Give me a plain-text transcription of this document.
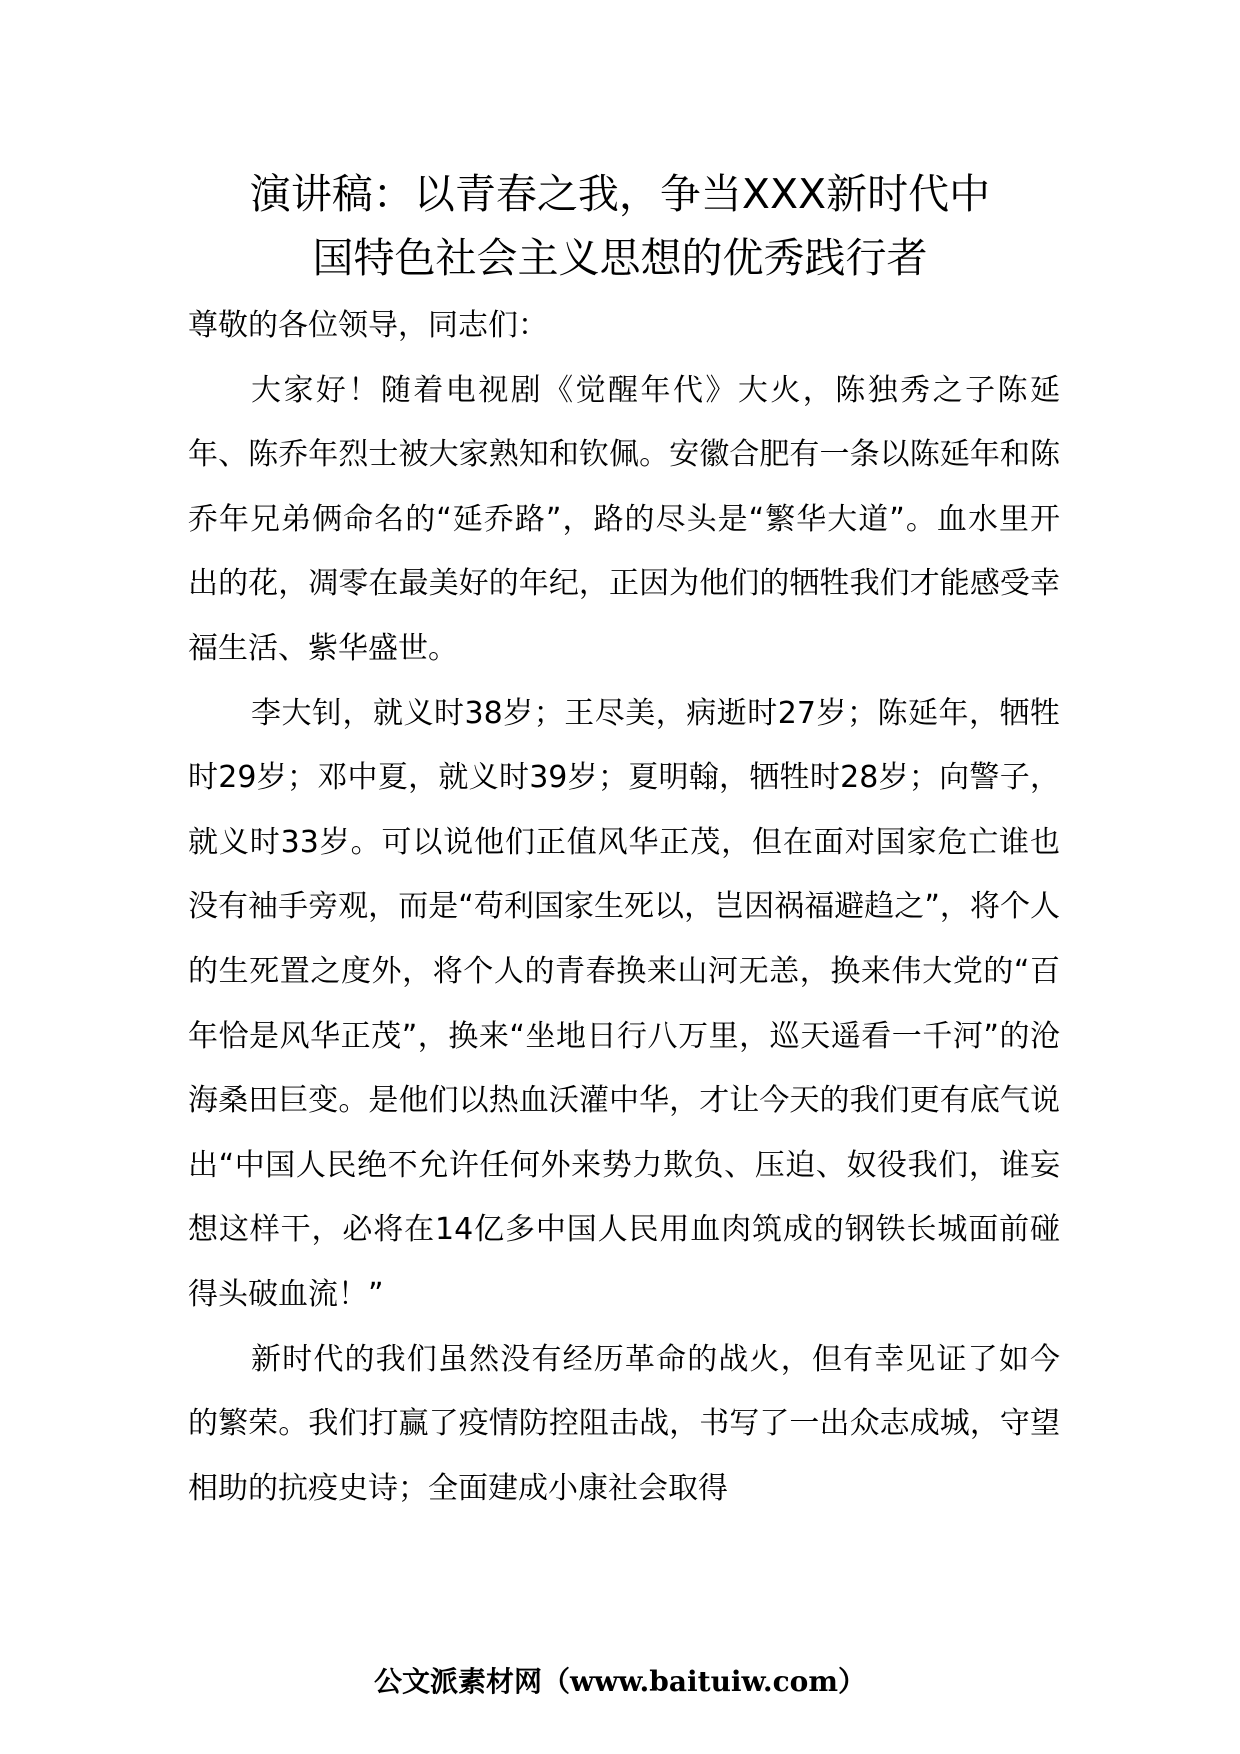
演讲稿：以青春之我，争当XXX新时代中
国特色社会主义思想的优秀践行者

尊敬的各位领导，同志们：

大家好！随着电视剧《觉醒年代》大火，陈独秀之子陈延年、陈乔年烈士被大家熟知和钦佩。安徽合肥有一条以陈延年和陈乔年兄弟俩命名的“延乔路”，路的尽头是“繁华大道”。血水里开出的花，凋零在最美好的年纪，正因为他们的牺牲我们才能感受幸福生活、紫华盛世。

李大钊，就义时38岁；王尽美，病逝时27岁；陈延年，牺牲时29岁；邓中夏，就义时39岁；夏明翰，牺牲时28岁；向警子，就义时33岁。可以说他们正值风华正茂，但在面对国家危亡谁也没有袖手旁观，而是“苟利国家生死以，岂因祸福避趋之”，将个人的生死置之度外，将个人的青春换来山河无恙，换来伟大党的“百年恰是风华正茂”，换来“坐地日行八万里，巡天遥看一千河”的沧海桑田巨变。是他们以热血沃灌中华，才让今天的我们更有底气说出“中国人民绝不允许任何外来势力欺负、压迫、奴役我们，谁妄想这样干，必将在14亿多中国人民用血肉筑成的钢铁长城面前碰得头破血流！”

新时代的我们虽然没有经历革命的战火，但有幸见证了如今的繁荣。我们打赢了疫情防控阻击战，书写了一出众志成城，守望相助的抗疫史诗；全面建成小康社会取得

公文派素材网（www.baituiw.com）
